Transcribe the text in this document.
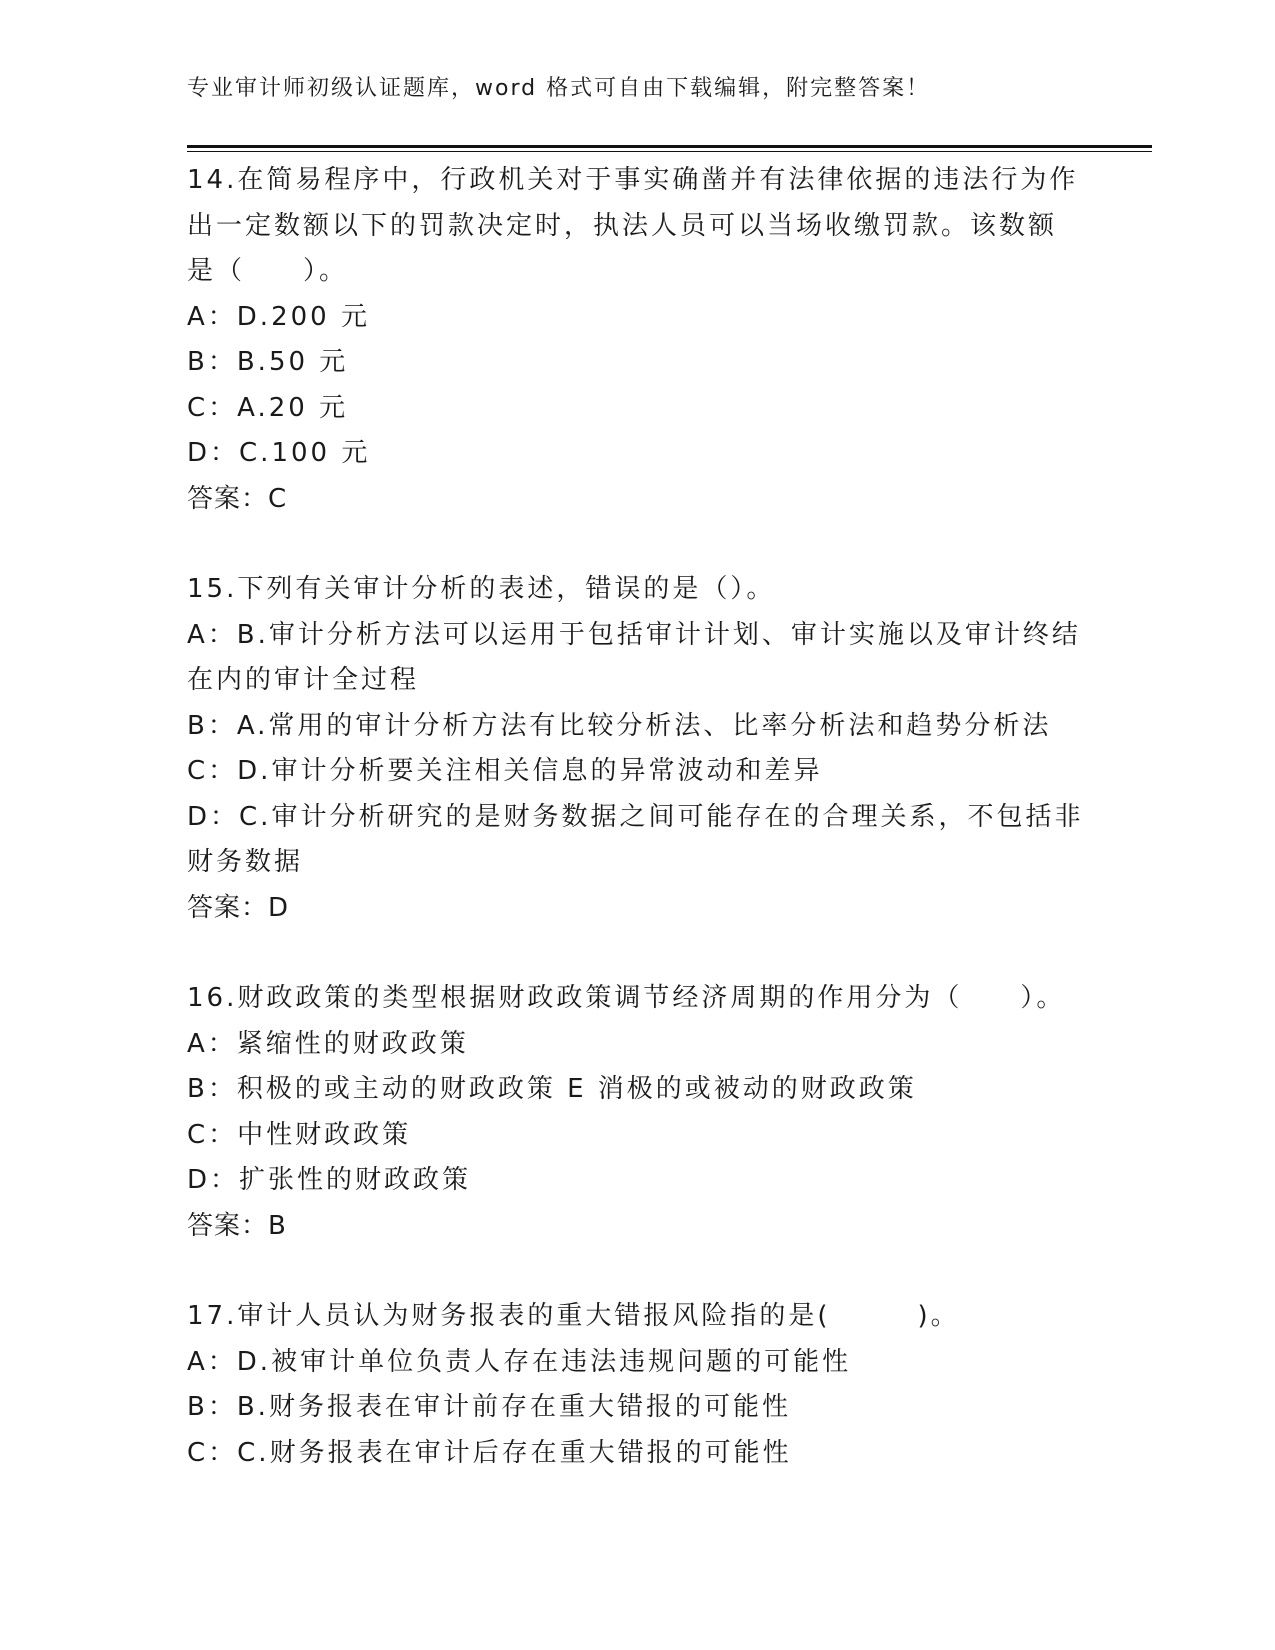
专业审计师初级认证题库，word 格式可自由下载编辑，附完整答案！
14.在简易程序中，行政机关对于事实确凿并有法律依据的违法行为作
出一定数额以下的罚款决定时，执法人员可以当场收缴罚款。该数额
是（　　）。
A：D.200 元
B：B.50 元
C：A.20 元
D：C.100 元
答案：C
15.下列有关审计分析的表述，错误的是（）。
A：B.审计分析方法可以运用于包括审计计划、审计实施以及审计终结
在内的审计全过程
B：A.常用的审计分析方法有比较分析法、比率分析法和趋势分析法
C：D.审计分析要关注相关信息的异常波动和差异
D：C.审计分析研究的是财务数据之间可能存在的合理关系，不包括非
财务数据
答案：D
16.财政政策的类型根据财政政策调节经济周期的作用分为（　　）。
A：紧缩性的财政政策
B：积极的或主动的财政政策 E 消极的或被动的财政政策
C：中性财政政策
D：扩张性的财政政策
答案：B
17.审计人员认为财务报表的重大错报风险指的是(　　　)。
A：D.被审计单位负责人存在违法违规问题的可能性
B：B.财务报表在审计前存在重大错报的可能性
C：C.财务报表在审计后存在重大错报的可能性
